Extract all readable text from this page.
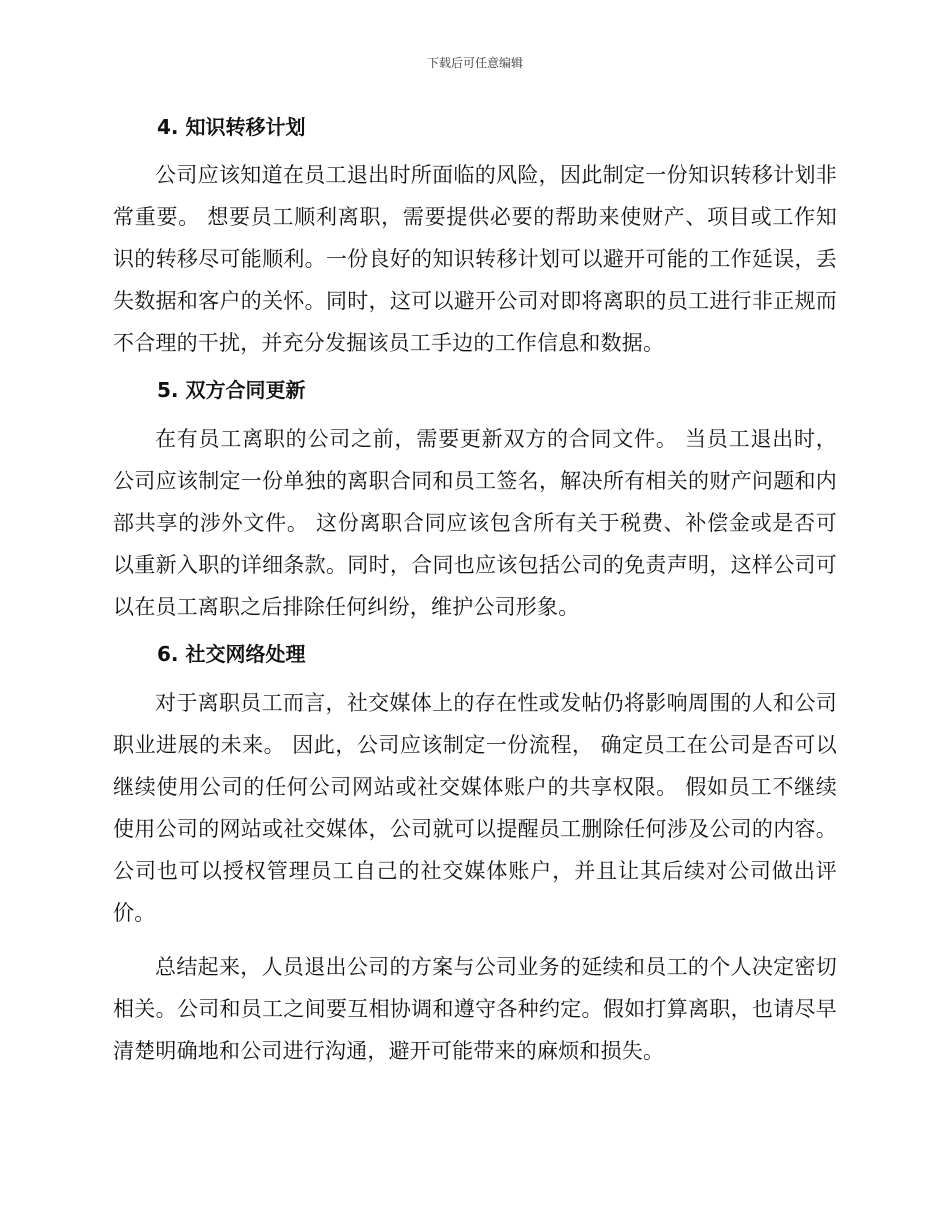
下载后可任意编辑
4. 知识转移计划

公司应该知道在员工退出时所面临的风险，因此制定一份知识转移计划非常重要。 想要员工顺利离职，需要提供必要的帮助来使财产、项目或工作知识的转移尽可能顺利。一份良好的知识转移计划可以避开可能的工作延误，丢失数据和客户的关怀。同时，这可以避开公司对即将离职的员工进行非正规而不合理的干扰，并充分发掘该员工手边的工作信息和数据。

5. 双方合同更新

在有员工离职的公司之前，需要更新双方的合同文件。 当员工退出时，公司应该制定一份单独的离职合同和员工签名，解决所有相关的财产问题和内部共享的涉外文件。 这份离职合同应该包含所有关于税费、补偿金或是否可以重新入职的详细条款。同时，合同也应该包括公司的免责声明，这样公司可以在员工离职之后排除任何纠纷，维护公司形象。

6. 社交网络处理

对于离职员工而言，社交媒体上的存在性或发帖仍将影响周围的人和公司职业进展的未来。 因此，公司应该制定一份流程， 确定员工在公司是否可以继续使用公司的任何公司网站或社交媒体账户的共享权限。 假如员工不继续使用公司的网站或社交媒体，公司就可以提醒员工删除任何涉及公司的内容。公司也可以授权管理员工自己的社交媒体账户，并且让其后续对公司做出评价。

总结起来，人员退出公司的方案与公司业务的延续和员工的个人决定密切相关。公司和员工之间要互相协调和遵守各种约定。假如打算离职，也请尽早清楚明确地和公司进行沟通，避开可能带来的麻烦和损失。
